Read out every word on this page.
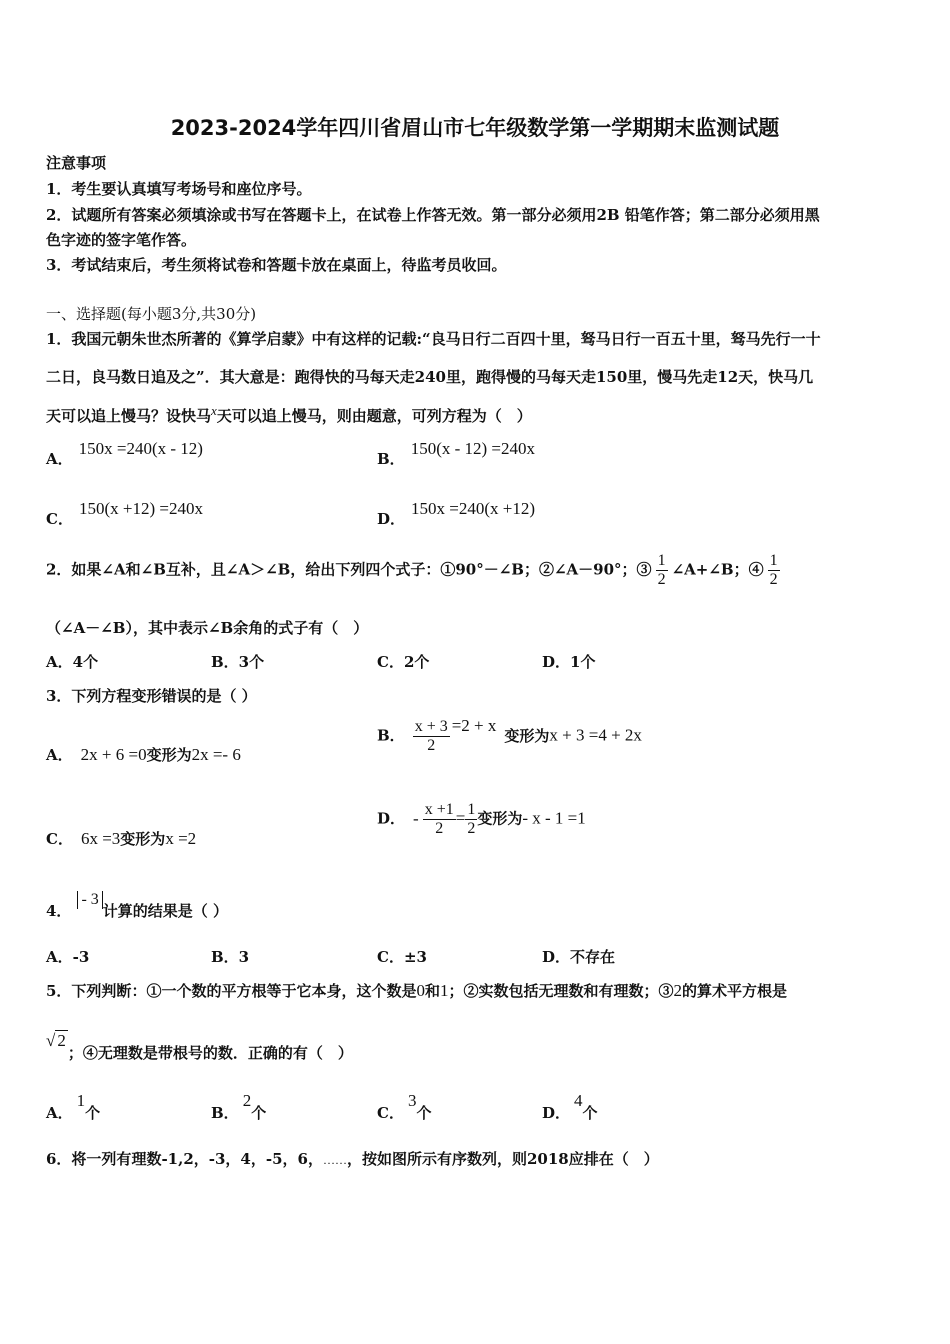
2023-2024学年四川省眉山市七年级数学第一学期期末监测试题
注意事项
1．考生要认真填写考场号和座位序号。
2．试题所有答案必须填涂或书写在答题卡上，在试卷上作答无效。第一部分必须用2B 铅笔作答；第二部分必须用黑
色字迹的签字笔作答。
3．考试结束后，考生须将试卷和答题卡放在桌面上，待监考员收回。
一、选择题(每小题3分,共30分)
1．我国元朝朱世杰所著的《算学启蒙》中有这样的记载:“良马日行二百四十里，驽马日行一百五十里，驽马先行一十
二日，良马数日追及之”．其大意是：跑得快的马每天走240里，跑得慢的马每天走150里，慢马先走12天，快马几
天可以追上慢马？设快马x天可以追上慢马，则由题意，可列方程为（　）
A．150x =240(x - 12)
B．150(x - 12) =240x
C．150(x +12) =240x
D．150x =240(x +12)
2．如果∠A和∠B互补，且∠A＞∠B，给出下列四个式子：①90°－∠B；②∠A－90°；③ $\frac{1}{2}$ ∠A+∠B；④ $\frac{1}{2}$
（∠A－∠B），其中表示∠B余角的式子有（　）
A．4个	B．3个	C．2个	D．1个
3．下列方程变形错误的是（ ）
A． 2x + 6 =0变形为2x =- 6
B． $\frac{x + 3}{2} =2 + x$变形为x + 3 =4 + 2x
C． 6x =3变形为x =2
D． - $\frac{x +1}{2} = \frac{1}{2}$ 变形为- x - 1 =1
4．- 3计算的结果是（ ）
A．-3	B．3	C．±3	D．不存在
5．下列判断：①一个数的平方根等于它本身，这个数是0和1；②实数包括无理数和有理数；③2的算术平方根是
√ 2；④无理数是带根号的数．正确的有（　）
A．1个	B．2个	C．3个	D．4个
6．将一列有理数-1,2，-3，4，-5，6，……，按如图所示有序数列，则2018应排在（　）
